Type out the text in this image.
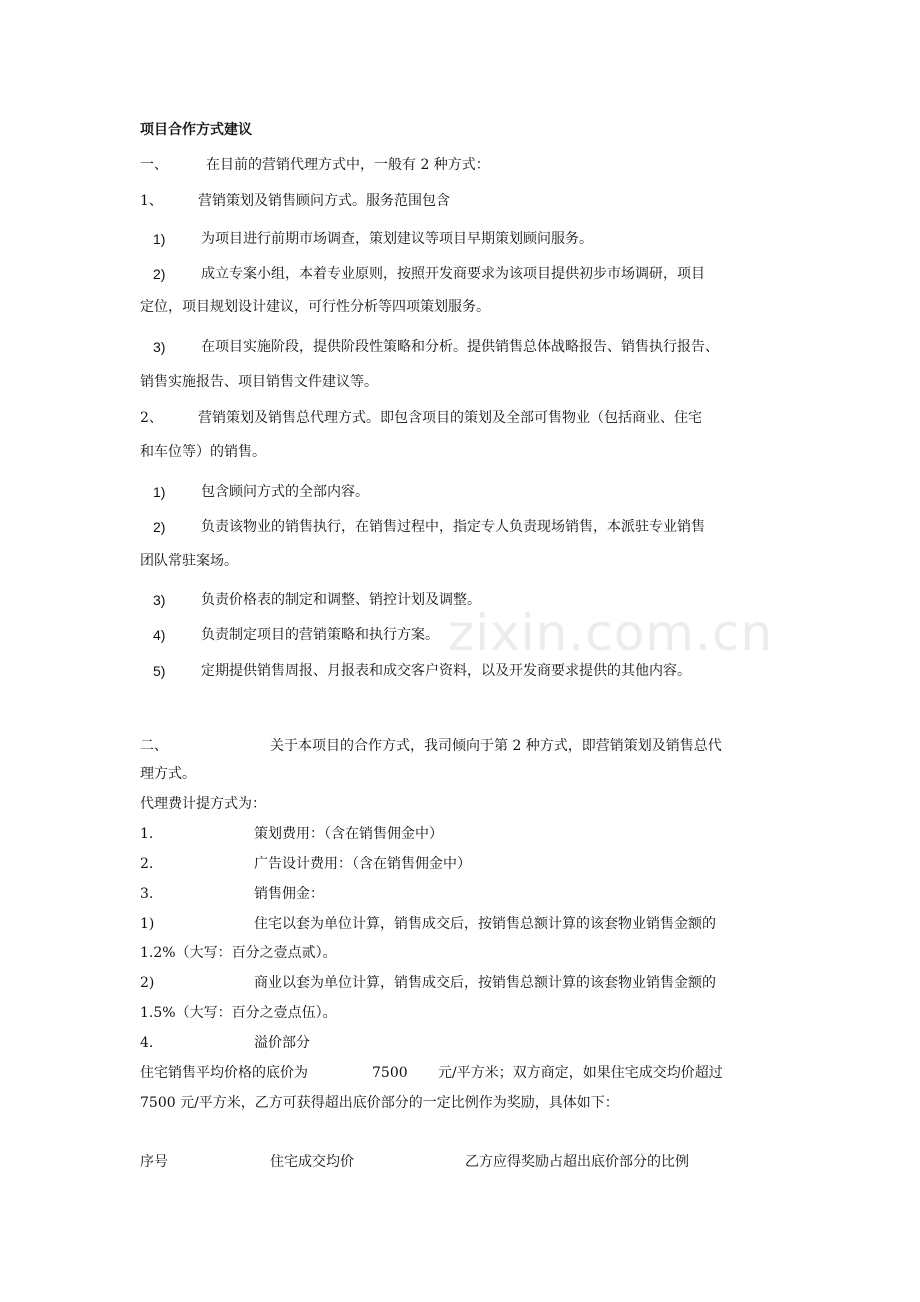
项目合作方式建议
一、	在目前的营销代理方式中，一般有 2 种方式：
1、	营销策划及销售顾问方式。服务范围包含
1)	为项目进行前期市场调查，策划建议等项目早期策划顾问服务。
2)	成立专案小组，本着专业原则，按照开发商要求为该项目提供初步市场调研，项目
定位，项目规划设计建议，可行性分析等四项策划服务。
3)	在项目实施阶段，提供阶段性策略和分析。提供销售总体战略报告、销售执行报告、
销售实施报告、项目销售文件建议等。
2、	营销策划及销售总代理方式。即包含项目的策划及全部可售物业（包括商业、住宅
和车位等）的销售。
1)	包含顾问方式的全部内容。
2)	负责该物业的销售执行，在销售过程中，指定专人负责现场销售，本派驻专业销售
团队常驻案场。
3)	负责价格表的制定和调整、销控计划及调整。
4)	负责制定项目的营销策略和执行方案。
5)	定期提供销售周报、月报表和成交客户资料，以及开发商要求提供的其他内容。
二、	关于本项目的合作方式，我司倾向于第 2 种方式，即营销策划及销售总代
理方式。
代理费计提方式为：
1.	策划费用：（含在销售佣金中）
2.	广告设计费用：（含在销售佣金中）
3.	销售佣金：
1)	住宅以套为单位计算，销售成交后，按销售总额计算的该套物业销售金额的
1.2%（大写：百分之壹点贰）。
2)	商业以套为单位计算，销售成交后，按销售总额计算的该套物业销售金额的
1.5%（大写：百分之壹点伍）。
4.	溢价部分
住宅销售平均价格的底价为	7500 元/平方米；双方商定，如果住宅成交均价超过
7500 元/平方米，乙方可获得超出底价部分的一定比例作为奖励，具体如下：
序号	住宅成交均价	乙方应得奖励占超出底价部分的比例
zixin.com.cn
